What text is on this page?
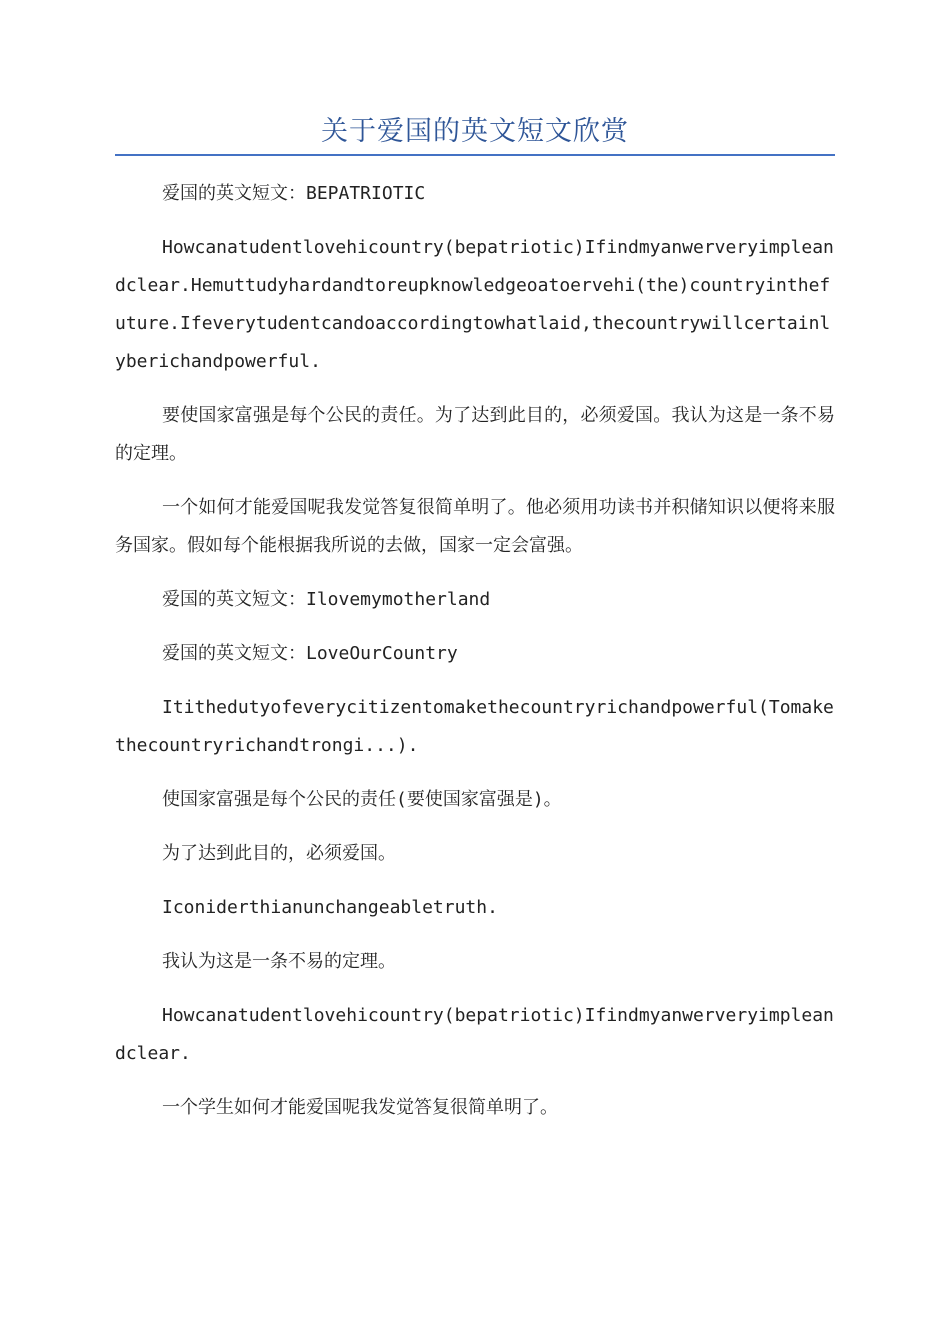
关于爱国的英文短文欣赏

爱国的英文短文：BEPATRIOTIC

Howcanatudentlovehicountry(bepatriotic)Ifindmyanwerveryimpleandclear.Hemuttudyhardandtoreupknowledgeoatoervehi(the)countryinthefuture.Ifeverytudentcandoaccordingtowhatlaid,thecountrywillcertainlyberichandpowerful.

要使国家富强是每个公民的责任。为了达到此目的，必须爱国。我认为这是一条不易的定理。

一个如何才能爱国呢我发觉答复很简单明了。他必须用功读书并积储知识以便将来服务国家。假如每个能根据我所说的去做，国家一定会富强。

爱国的英文短文：Ilovemymotherland

爱国的英文短文：LoveOurCountry

Itithedutyofeverycitizentomakethecountryrichandpowerful(Tomakethecountryrichandtrongi...).

使国家富强是每个公民的责任(要使国家富强是)。

为了达到此目的，必须爱国。

Iconiderthianunchangeabletruth.

我认为这是一条不易的定理。

Howcanatudentlovehicountry(bepatriotic)Ifindmyanwerveryimpleandclear.

一个学生如何才能爱国呢我发觉答复很简单明了。
